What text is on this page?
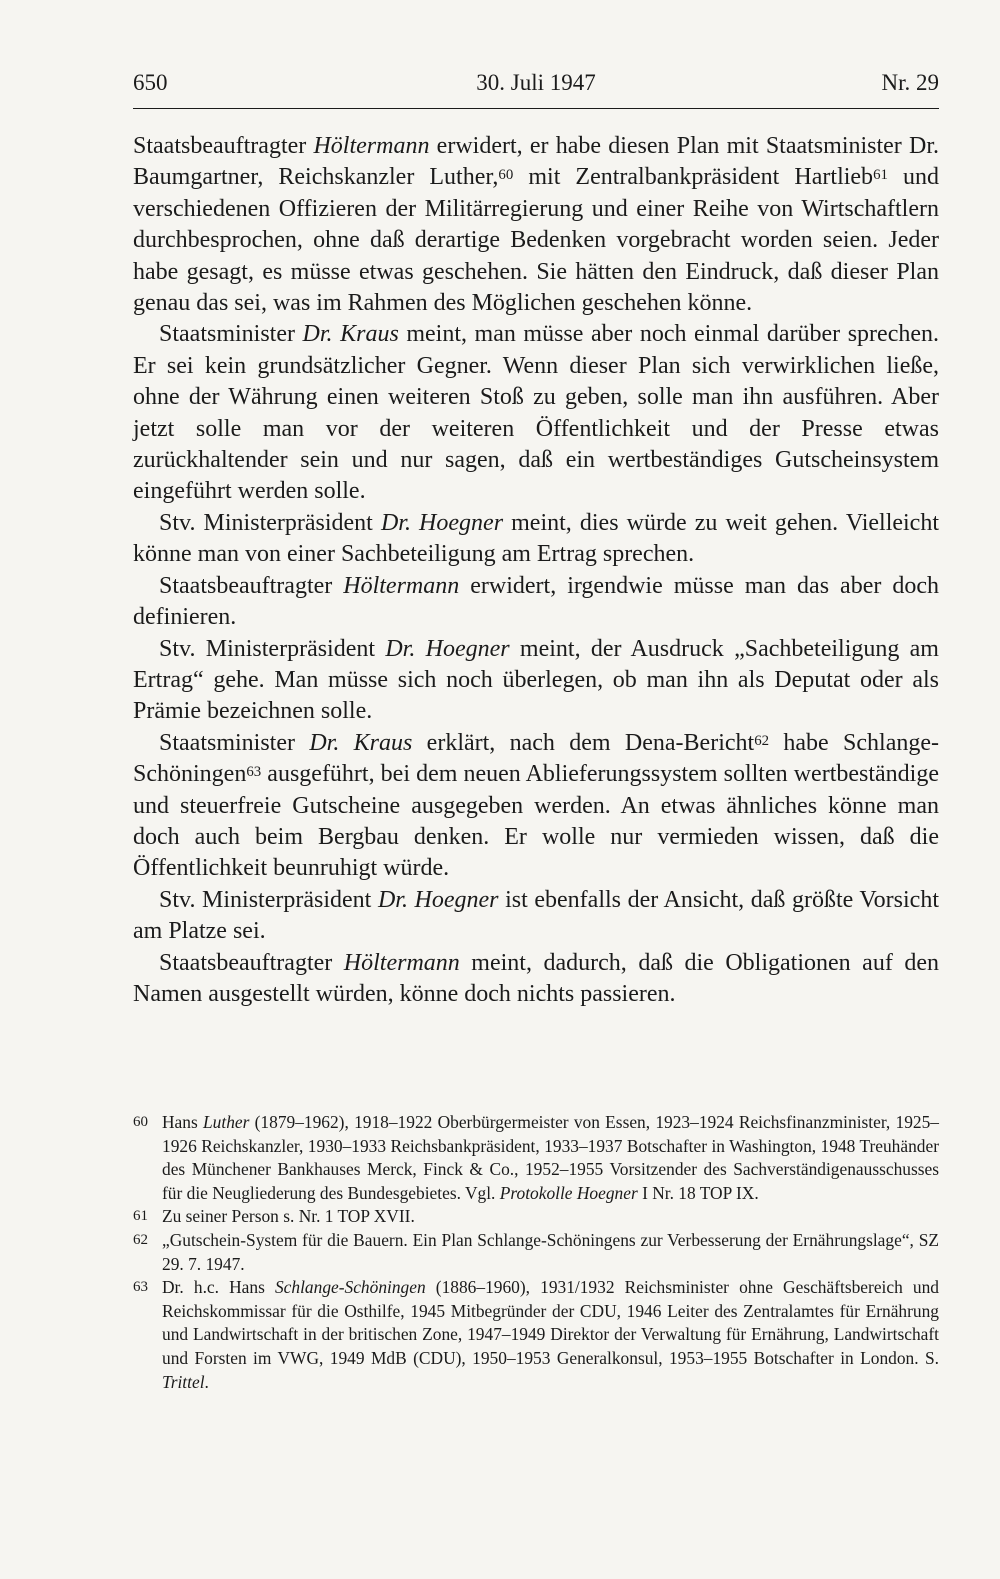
30. Juli 1947
650	Nr. 29

Staatsbeauftragter Höltermann erwidert, er habe diesen Plan mit Staatsminister Dr. Baumgartner, Reichskanzler Luther,$^{60}$ mit Zentralbankpräsident Hartlieb$^{61}$ und verschiedenen Offizieren der Militärregierung und einer Reihe von Wirtschaftlern durchbesprochen, ohne daß derartige Bedenken vorgebracht worden seien. Jeder habe gesagt, es müsse etwas geschehen. Sie hätten den Eindruck, daß dieser Plan genau das sei, was im Rahmen des Möglichen geschehen könne.

Staatsminister Dr. Kraus meint, man müsse aber noch einmal darüber sprechen. Er sei kein grundsätzlicher Gegner. Wenn dieser Plan sich verwirklichen ließe, ohne der Währung einen weiteren Stoß zu geben, solle man ihn ausführen. Aber jetzt solle man vor der weiteren Öffentlichkeit und der Presse etwas zurückhaltender sein und nur sagen, daß ein wertbeständiges Gutscheinsystem eingeführt werden solle.

Stv. Ministerpräsident Dr. Hoegner meint, dies würde zu weit gehen. Vielleicht könne man von einer Sachbeteiligung am Ertrag sprechen.

Staatsbeauftragter Höltermann erwidert, irgendwie müsse man das aber doch definieren.

Stv. Ministerpräsident Dr. Hoegner meint, der Ausdruck „Sachbeteiligung am Ertrag“ gehe. Man müsse sich noch überlegen, ob man ihn als Deputat oder als Prämie bezeichnen solle.

Staatsminister Dr. Kraus erklärt, nach dem Dena-Bericht$^{62}$ habe Schlange-Schöningen$^{63}$ ausgeführt, bei dem neuen Ablieferungssystem sollten wertbeständige und steuerfreie Gutscheine ausgegeben werden. An etwas ähnliches könne man doch auch beim Bergbau denken. Er wolle nur vermieden wissen, daß die Öffentlichkeit beunruhigt würde.

Stv. Ministerpräsident Dr. Hoegner ist ebenfalls der Ansicht, daß größte Vorsicht am Platze sei.

Staatsbeauftragter Höltermann meint, dadurch, daß die Obligationen auf den Namen ausgestellt würden, könne doch nichts passieren.

60 Hans Luther (1879–1962), 1918–1922 Oberbürgermeister von Essen, 1923–1924 Reichsfinanzminister, 1925–1926 Reichskanzler, 1930–1933 Reichsbankpräsident, 1933–1937 Botschafter in Washington, 1948 Treuhänder des Münchener Bankhauses Merck, Finck & Co., 1952–1955 Vorsitzender des Sachverständigenausschusses für die Neugliederung des Bundesgebietes. Vgl. Protokolle Hoegner I Nr. 18 TOP IX.
61 Zu seiner Person s. Nr. 1 TOP XVII.
62 „Gutschein-System für die Bauern. Ein Plan Schlange-Schöningens zur Verbesserung der Ernährungslage“, SZ 29. 7. 1947.
63 Dr. h.c. Hans Schlange-Schöningen (1886–1960), 1931/1932 Reichsminister ohne Geschäftsbereich und Reichskommissar für die Osthilfe, 1945 Mitbegründer der CDU, 1946 Leiter des Zentralamtes für Ernährung und Landwirtschaft in der britischen Zone, 1947–1949 Direktor der Verwaltung für Ernährung, Landwirtschaft und Forsten im VWG, 1949 MdB (CDU), 1950–1953 Generalkonsul, 1953–1955 Botschafter in London. S. Trittel.
